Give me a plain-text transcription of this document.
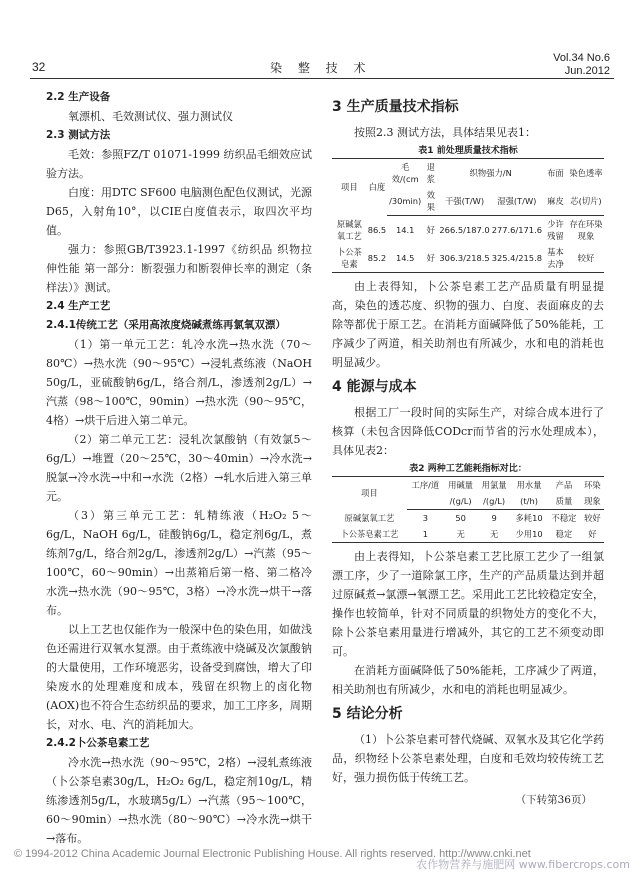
32	染 整 技 术
Vol.34 No.6
Jun.2012
2.2 生产设备
氧漂机、毛效测试仪、强力测试仪
2.3 测试方法
毛效：参照FZ/T 01071-1999 纺织品毛细效应试验方法。
白度：用DTC SF600 电脑测色配色仪测试，光源D65，入射角10°，以CIE白度值表示，取四次平均值。
强力：参照GB/T3923.1-1997《纺织品 织物拉伸性能 第一部分：断裂强力和断裂伸长率的测定（条样法）》测试。
2.4 生产工艺
2.4.1传统工艺（采用高浓度烧碱煮练再氯氧双漂）
（1）第一单元工艺：轧冷水洗→热水洗（70～80℃）→热水洗（90～95℃）→浸轧煮练液（NaOH 50g/L，亚硫酸钠6g/L，络合剂/L，渗透剂2g/L）→汽蒸（98～100℃，90min）→热水洗（90～95℃，4格）→烘干后进入第二单元。
（2）第二单元工艺：浸轧次氯酸钠（有效氯5～6g/L）→堆置（20～25℃，30～40min）→冷水洗→脱氯→冷水洗→中和→水洗（2格）→轧水后进入第三单元。
（3）第三单元工艺：轧精练液（H₂O₂ 5～6g/L，NaOH 6g/L，硅酸钠6g/L，稳定剂6g/L，煮练剂7g/L，络合剂2g/L，渗透剂2g/L）→汽蒸（95～100℃，60～90min）→出蒸箱后第一格、第二格冷水洗→热水洗（90～95℃，3格）→冷水洗→烘干→落布。
以上工艺也仅能作为一般深中色的染色用，如做浅色还需进行双氧水复漂。由于煮练液中烧碱及次氯酸钠的大量使用，工作环境恶劣，设备受到腐蚀，增大了印染废水的处理难度和成本，残留在织物上的卤化物(AOX)也不符合生态纺织品的要求，加工工序多，周期长，对水、电、汽的消耗加大。
2.4.2卜公茶皂素工艺
冷水洗→热水洗（90～95℃，2格）→浸轧煮练液（卜公茶皂素30g/L，H₂O₂ 6g/L，稳定剂10g/L，精练渗透剂5g/L，水玻璃5g/L）→汽蒸（95～100℃，60～90min）→热水洗（80～90℃）→冷水洗→烘干→落布。
3 生产质量技术指标
按照2.3 测试方法，具体结果见表1：
表1 前处理质量技术指标
项目	白度	毛效/(cm	退浆	织物强力/N		布面	染色透率
		/30min)	效果	干强(T/W)	湿强(T/W)	麻皮	芯(切片)
原碱氯氧工艺	86.5	14.1	好	266.5/187.0	277.6/171.6	少许残留	存在环染现象
卜公茶皂素	85.2	14.5	好	306.3/218.5	325.4/215.8	基本去净	较好
由上表得知，卜公茶皂素工艺产品质量有明显提高，染色的透芯度、织物的强力、白度、表面麻皮的去除等都优于原工艺。在消耗方面碱降低了50%能耗，工序减少了两道，相关助剂也有所减少，水和电的消耗也明显减少。
4 能源与成本
根据工厂一段时间的实际生产，对综合成本进行了核算（未包含因降低CODcr而节省的污水处理成本），具体见表2：
表2 两种工艺能耗指标对比：
项目	工序/道	用碱量	用氯量	用水量	产品	环染
		/(g/L)	/(g/L)	(t/h)	质量	现象
原碱氯氧工艺	3	50	9	多耗10	不稳定	较好
卜公茶皂素工艺	1	无	无	少用10	稳定	好
由上表得知，卜公茶皂素工艺比原工艺少了一组氯漂工序，少了一道除氯工序，生产的产品质量达到并超过原碱煮→氯漂→氧漂工艺。采用此工艺比较稳定安全，操作也较简单，针对不同质量的织物处方的变化不大，除卜公茶皂素用量进行增减外，其它的工艺不须变动即可。
在消耗方面碱降低了50%能耗，工序减少了两道，相关助剂也有所减少，水和电的消耗也明显减少。
5 结论分析
（1）卜公茶皂素可替代烧碱、双氧水及其它化学药品，织物经卜公茶皂素处理，白度和毛效均较传统工艺好，强力损伤低于传统工艺。
（下转第36页）
© 1994-2012 China Academic Journal Electronic Publishing House. All rights reserved. http://www.cnki.net
农作物营养与施肥网 www.fibercrops.com
